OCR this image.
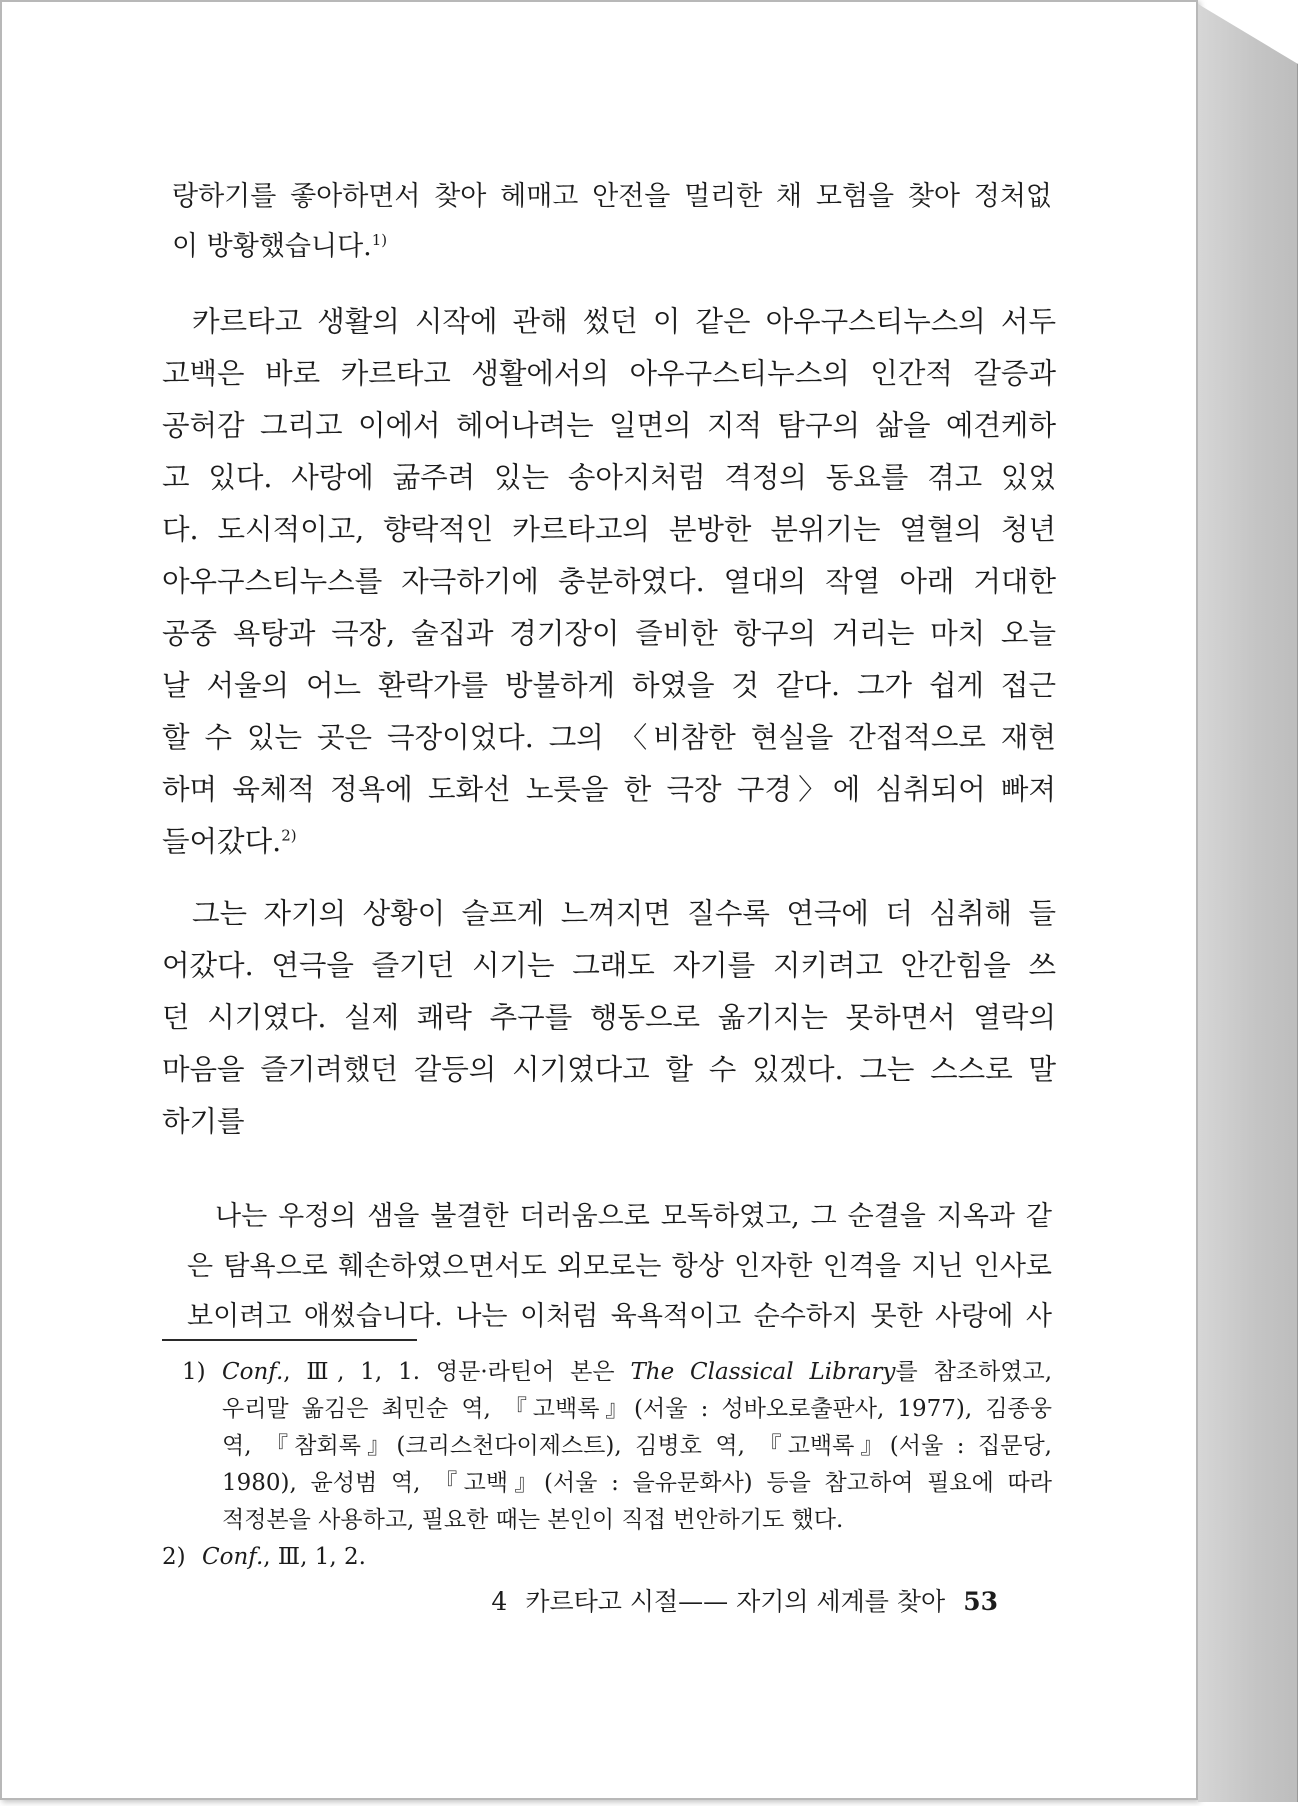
랑하기를 좋아하면서 찾아 헤매고 안전을 멀리한 채 모험을 찾아 정처없
이 방황했습니다.$^{1)}$
카르타고 생활의 시작에 관해 썼던 이 같은 아우구스티누스의 서두
고백은 바로 카르타고 생활에서의 아우구스티누스의 인간적 갈증과
공허감 그리고 이에서 헤어나려는 일면의 지적 탐구의 삶을 예견케하
고 있다. 사랑에 굶주려 있는 송아지처럼 격정의 동요를 겪고 있었
다. 도시적이고, 향락적인 카르타고의 분방한 분위기는 열혈의 청년
아우구스티누스를 자극하기에 충분하였다. 열대의 작열 아래 거대한
공중 욕탕과 극장, 술집과 경기장이 즐비한 항구의 거리는 마치 오늘
날 서울의 어느 환락가를 방불하게 하였을 것 같다. 그가 쉽게 접근
할 수 있는 곳은 극장이었다. 그의 〈비참한 현실을 간접적으로 재현
하며 육체적 정욕에 도화선 노릇을 한 극장 구경〉에 심취되어 빠져
들어갔다.$^{2)}$
그는 자기의 상황이 슬프게 느껴지면 질수록 연극에 더 심취해 들
어갔다. 연극을 즐기던 시기는 그래도 자기를 지키려고 안간힘을 쓰
던 시기였다. 실제 쾌락 추구를 행동으로 옮기지는 못하면서 열락의
마음을 즐기려했던 갈등의 시기였다고 할 수 있겠다. 그는 스스로 말
하기를
나는 우정의 샘을 불결한 더러움으로 모독하였고, 그 순결을 지옥과 같
은 탐욕으로 훼손하였으면서도 외모로는 항상 인자한 인격을 지닌 인사로
보이려고 애썼습니다. 나는 이처럼 육욕적이고 순수하지 못한 사랑에 사
1) Conf., Ⅲ, 1, 1. 영문·라틴어 본은 The Classical Library를 참조하였고,
우리말 옮김은 최민순 역, 『고백록』(서울 : 성바오로출판사, 1977), 김종웅
역, 『참회록』(크리스천다이제스트), 김병호 역, 『고백록』(서울 : 집문당,
1980), 윤성범 역, 『고백』(서울 : 을유문화사) 등을 참고하여 필요에 따라
적정본을 사용하고, 필요한 때는 본인이 직접 번안하기도 했다.
2) Conf., Ⅲ, 1, 2.
4 카르타고 시절—— 자기의 세계를 찾아 53
